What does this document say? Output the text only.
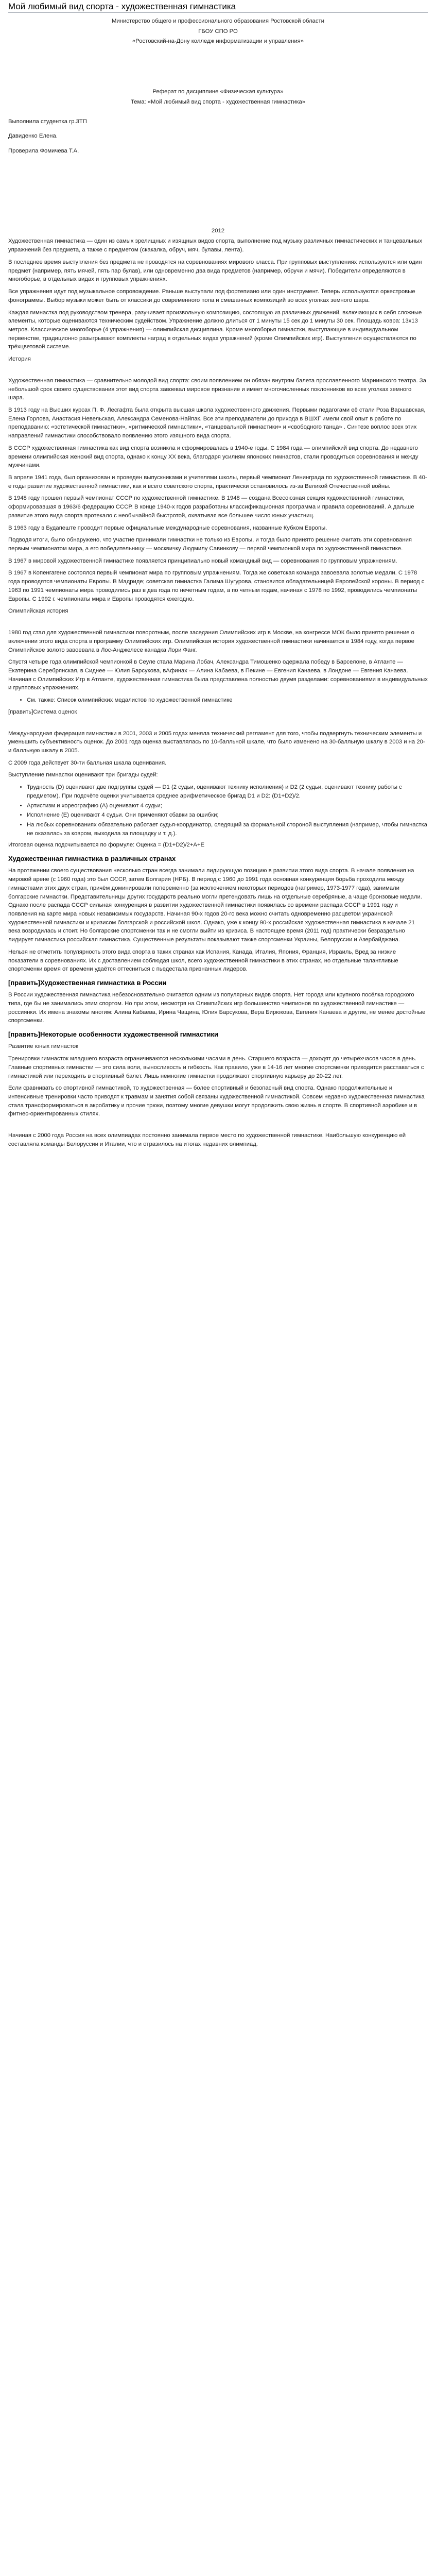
Мой любимый вид спорта - художественная гимнастика

Министерство общего и профессионального образования Ростовской области

ГБОУ СПО РО

«Ростовский-на-Дону колледж информатизации и управления»

Реферат по дисциплине «Физическая культура»

Тема: «Мой любимый вид спорта - художественная гимнастика»

Выполнила студентка гр.3ТП

Давиденко Елена.

Проверила Фомичева Т.А.

2012

Художественная гимнастика — один из самых зрелищных и изящных видов спорта, выполнение под музыку различных гимнастических и танцевальных упражнений без предмета, а также с предметом (скакалка, обруч, мяч, булавы, лента).

В последнее время выступления без предмета не проводятся на соревнованиях мирового класса. При групповых выступлениях используются или один предмет (например, пять мячей, пять пар булав), или одновременно два вида предметов (например, обручи и мячи). Победители определяются в многоборье, в отдельных видах и групповых упражнениях.

Все упражнения идут под музыкальное сопровождение. Раньше выступали под фортепиано или один инструмент. Теперь используются оркестровые фонограммы. Выбор музыки может быть от классики до современного попа и смешанных композиций во всех уголках земного шара.

Каждая гимнастка под руководством тренера, разучивает произвольную композицию, состоящую из различных движений, включающих в себя сложные элементы, которые оцениваются техническим судейством. Упражнение должно длиться от 1 минуты 15 сек до 1 минуты 30 сек. Площадь ковра: 13х13 метров. Классическое многоборье (4 упражнения) — олимпийская дисциплина. Кроме многоборья гимнастки, выступающие в индивидуальном первенстве, традиционно разыгрывают комплекты наград в отдельных видах упражнений (кроме Олимпийских игр). Выступления осуществляются по трёхцветовой системе.

История

Художественная гимнастика — сравнительно молодой вид спорта: своим появлением он обязан внутрям балета прославленного Мариинского театра. За небольшой срок своего существования этот вид спорта завоевал мировое признание и имеет многочисленных поклонников во всех уголках земного шара.

В 1913 году на Высших курсах П. Ф. Лесгафта была открыта высшая школа художественного движения. Первыми педагогами её стали Роза Варшавская, Елена Горлова, Анастасия Невельская, Александра Семенова-Найпак. Все эти преподаватели до прихода в ВШХГ имели свой опыт в работе по преподаванию: «эстетической гимнастики», «ритмической гимнастики», «танцевальной гимнастики» и «свободного танца» . Синтезе воплос всех этих направлений гимнастики способствовало появлению этого изящного вида спорта.

В СССР художественная гимнастика как вид спорта возникла и сформировалась в 1940-е годы. С 1984 года — олимпийский вид спорта. До недавнего времени олимпийская женский вид спорта, однако к концу XX века, благодаря усилиям японских гимнастов, стали проводиться соревнования и между мужчинами.

В апреле 1941 года, был организован и проведен выпускниками и учителями школы, первый чемпионат Ленинграда по художественной гимнастике. В 40-е годы развитие художественной гимнастики, как и всего советского спорта, практически остановилось из-за Великой Отечественной войны.

В 1948 году прошел первый чемпионат СССР по художественной гимнастике. В 1948 — создана Всесоюзная секция художественной гимнастики, сформировавшая в 1963/6 федерацию СССР. В конце 1940-х годов разработаны классификационная программа и правила соревнований. А дальше развитие этого вида спорта протекало с необычайной быстротой, охватывая все большее число юных участниц.

В 1963 году в Будапеште проводит первые официальные международные соревнования, названные Кубком Европы.

Подводя итоги, было обнаружено, что участие принимали гимнастки не только из Европы, и тогда было принято решение считать эти соревнования первым чемпионатом мира, а его победительницу — москвичку Людмилу Савинкову — первой чемпионкой мира по художественной гимнастике.

В 1967 в мировой художественной гимнастике появляется принципиально новый командный вид — соревнования по групповым упражнениям.

В 1967 в Копенгагене состоялся первый чемпионат мира по групповым упражнениям. Тогда же советская команда завоевала золотые медали. С 1978 года проводятся чемпионаты Европы. В Мадриде; советская гимнастка Галима Шугурова, становится обладательницей Европейской короны. В период с 1963 по 1991 чемпионаты мира проводились раз в два года по нечетным годам, а по четным годам, начиная с 1978 по 1992, проводились чемпионаты Европы. С 1992 г. чемпионаты мира и Европы проводятся ежегодно.

Олимпийская история

1980 год стал для художественной гимнастики поворотным, после заседания Олимпийских игр в Москве, на конгрессе МОК было принято решение о включении этого вида спорта в программу Олимпийских игр. Олимпийская история художественной гимнастики начинается в 1984 году, когда первое Олимпийское золото завоевала в Лос-Анджелесе канадка Лори Фанг.

Спустя четыре года олимпийской чемпионкой в Сеуле стала Марина Лобач, Александра Тимошенко одержала победу в Барселоне, в Атланте — Екатерина Серебрянская, в Сиднее — Юлия Барсукова, вАфинах — Алина Кабаева, в Пекине — Евгения Канаева, в Лондоне — Евгения Канаева. Начиная с Олимпийских Игр в Атланте, художественная гимнастика была представлена полностью двумя разделами: соревнованиями в индивидуальных и групповых упражнениях.

• См. также: Список олимпийских медалистов по художественной гимнастике

[править]Система оценок

Международная федерация гимнастики в 2001, 2003 и 2005 годах меняла технический регламент для того, чтобы подвергнуть техническим элементы и уменьшить субъективность оценок. До 2001 года оценка выставлялась по 10-балльной шкале, что было изменено на 30-балльную шкалу в 2003 и на 20-и балльную шкалу в 2005.

С 2009 года действует 30-ти балльная шкала оценивания.

Выступление гимнастки оценивают три бригады судей:

• Трудность (D) оценивают две подгруппы судей — D1 (2 судьи, оценивают технику исполнения) и D2 (2 судьи, оценивают технику работы с предметом). При подсчёте оценки учитывается среднее арифметическое бригад D1 и D2: (D1+D2)/2.
• Артистизм и хореографию (A) оценивают 4 судьи;
• Исполнение (E) оценивают 4 судьи. Они применяют сбавки за ошибки;
• На любых соревнованиях обязательно работает судья-координатор, следящий за формальной стороной выступления (например, чтобы гимнастка не оказалась за ковром, выходила за площадку и т. д.).

Итоговая оценка подсчитывается по формуле: Оценка = (D1+D2)/2+A+E

Художественная гимнастика в различных странах

На протяжении своего существования несколько стран всегда занимали лидирующую позицию в развитии этого вида спорта. В начале появления на мировой арене (с 1960 года) это был СССР, затем Болгария (НРБ). В период с 1960 до 1991 года основная конкуренция борьба проходила между гимнастками этих двух стран, причём доминировали попеременно (за исключением некоторых периодов (например, 1973-1977 года), занимали болгарские гимнастки. Представительницы других государств реально могли претендовать лишь на отдельные серебряные, а чаще бронзовые медали. Однако после распада СССР сильная конкуренция в развитии художественной гимнастики появилась со времени распада СССР в 1991 году и появления на карте мира новых независимых государств. Начиная 90-х годов 20-го века можно считать одновременно расцветом украинской художественной гимнастики и кризисом болгарской и российской школ. Однако, уже к концу 90-х российская художественная гимнастика в начале 21 века возродилась и стоит. Но болгарские спортсменки так и не смогли выйти из кризиса. В настоящее время (2011 год) практически безраздельно лидирует гимнастика российская гимнастика. Существенные результаты показывают также спортсменки Украины, Белоруссии и Азербайджана.

Нельзя не отметить популярность этого вида спорта в таких странах как Испания, Канада, Италия, Япония, Франция, Израиль, Вред за низкие показатели в соревнованиях. Их с доставлением соблюдая школ, всего художественной гимнастики в этих странах, но отдельные талантливые спортсменки время от времени удаётся оттесниться с пьедестала признанных лидеров.

[править]Художественная гимнастика в России

В России художественная гимнастика небезосновательно считается одним из популярных видов спорта. Нет города или крупного посёлка городского типа, где бы не занимались этим спортом. Но при этом, несмотря на Олимпийских игр большинство чемпионов по художественной гимнастике — россиянки. Их имена знакомы многим: Алина Кабаева, Ирина Чащина, Юлия Барсукова, Вера Бирюкова, Евгения Канаева и другие, не менее достойные спортсменки.

[править]Некоторые особенности художественной гимнастики

Развитие юных гимнасток

Тренировки гимнасток младшего возраста ограничиваются несколькими часами в день. Старшего возраста — доходят до четырёхчасов часов в день. Главные спортивных гимнастки — это сила воли, выносливость и гибкость. Как правило, уже в 14-16 лет многие спортсменки приходится расставаться с гимнастикой или переходить в спортивный балет. Лишь немногие гимнастки продолжают спортивную карьеру до 20-22 лет.

Если сравнивать со спортивной гимнастикой, то художественная — более спортивный и безопасный вид спорта. Однако продолжительные и интенсивные тренировки часто приводят к травмам и занятия собой связаны художественной гимнастикой. Совсем недавно художественная гимнастика стала трансформироваться в акробатику и прочие трюки, поэтому многие девушки могут продолжить свою жизнь в спорте. В спортивной аэробике и в фитнес-ориентированных стилях.

Начиная с 2000 года Россия на всех олимпиадах постоянно занимала первое место по художественной гимнастике. Наибольшую конкуренцию ей составляла команды Белоруссии и Италии, что и отразилось на итогах недавних олимпиад.
